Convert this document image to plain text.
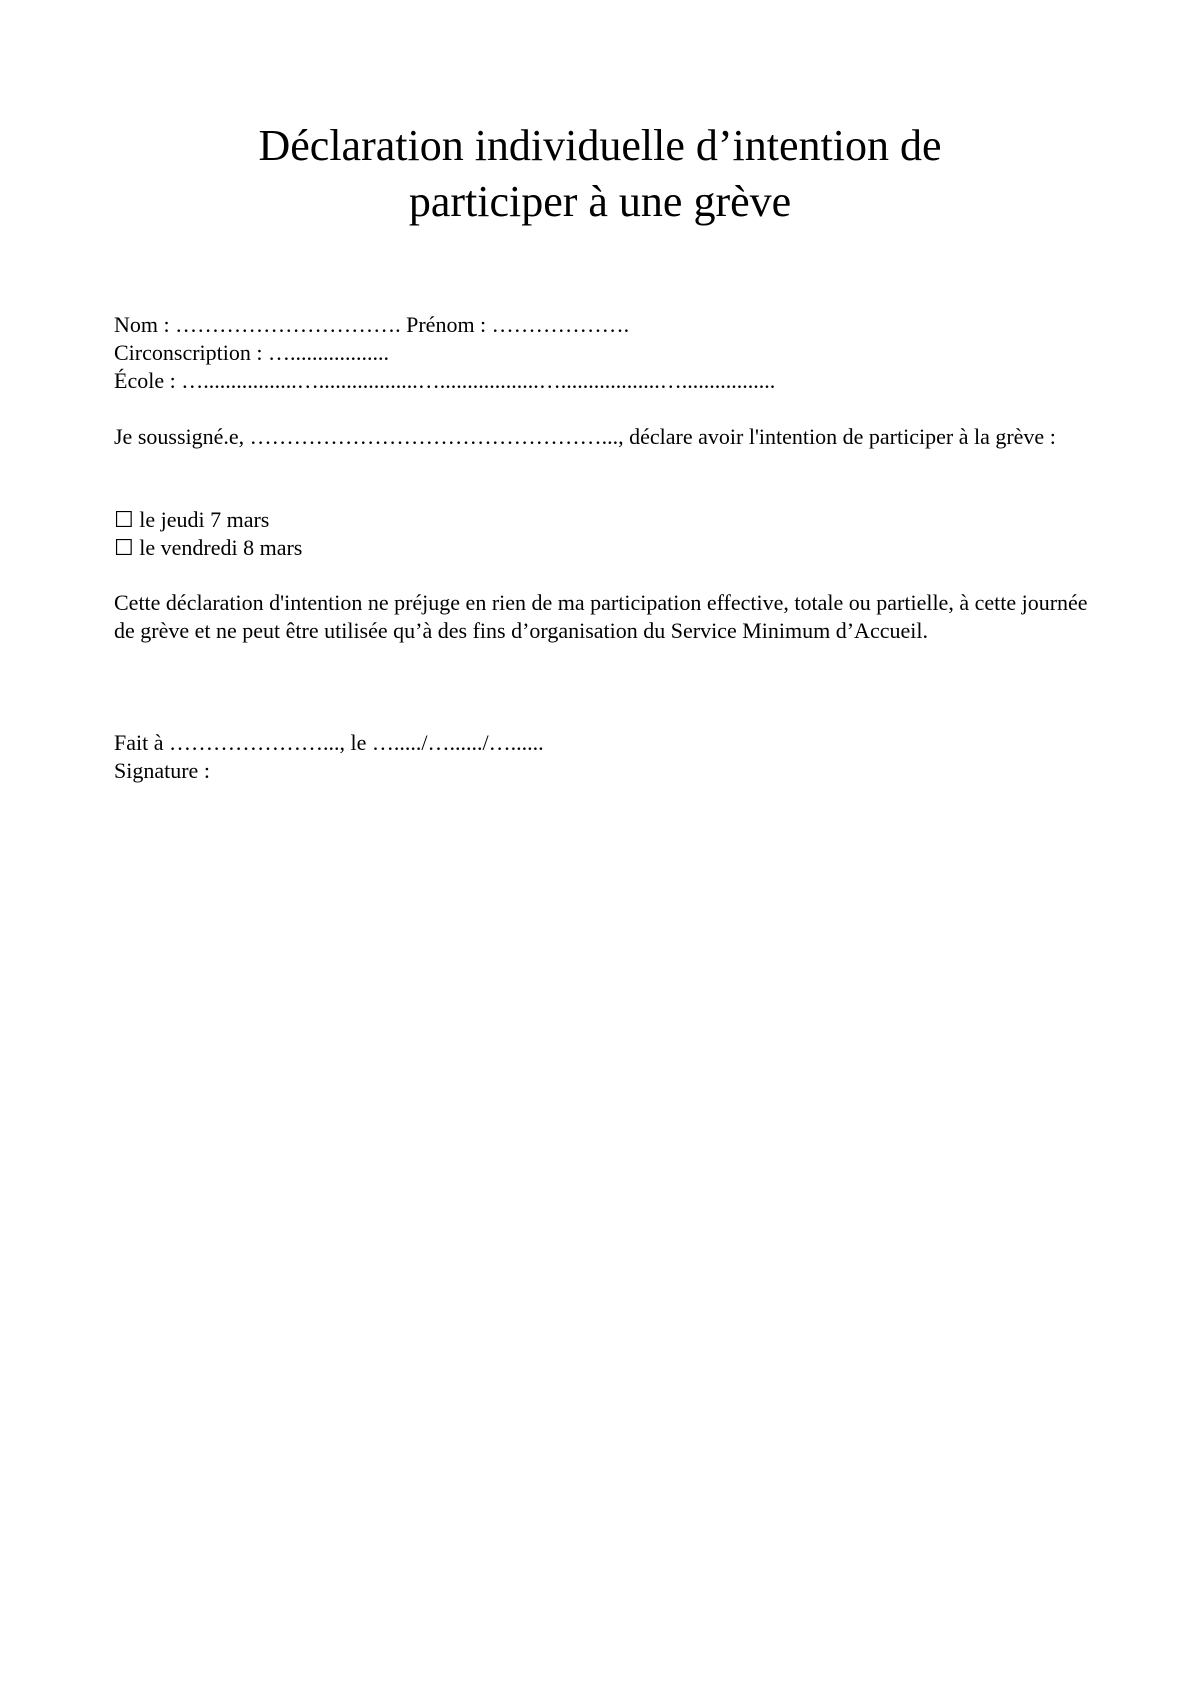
Déclaration individuelle d’intention de
participer à une grève
Nom : …………………………. Prénom : ……………….
Circonscription : …..................
École : ….................…..................…..................…..................….................
Je soussigné.e, …………………………………………..., déclare avoir l'intention de participer à la grève :
☐ le jeudi 7 mars
☐ le vendredi 8 mars
Cette déclaration d'intention ne préjuge en rien de ma participation effective, totale ou partielle, à cette journée de grève et ne peut être utilisée qu’à des fins d’organisation du Service Minimum d’Accueil.
Fait à …………………..., le …...../…....../…......
Signature :
